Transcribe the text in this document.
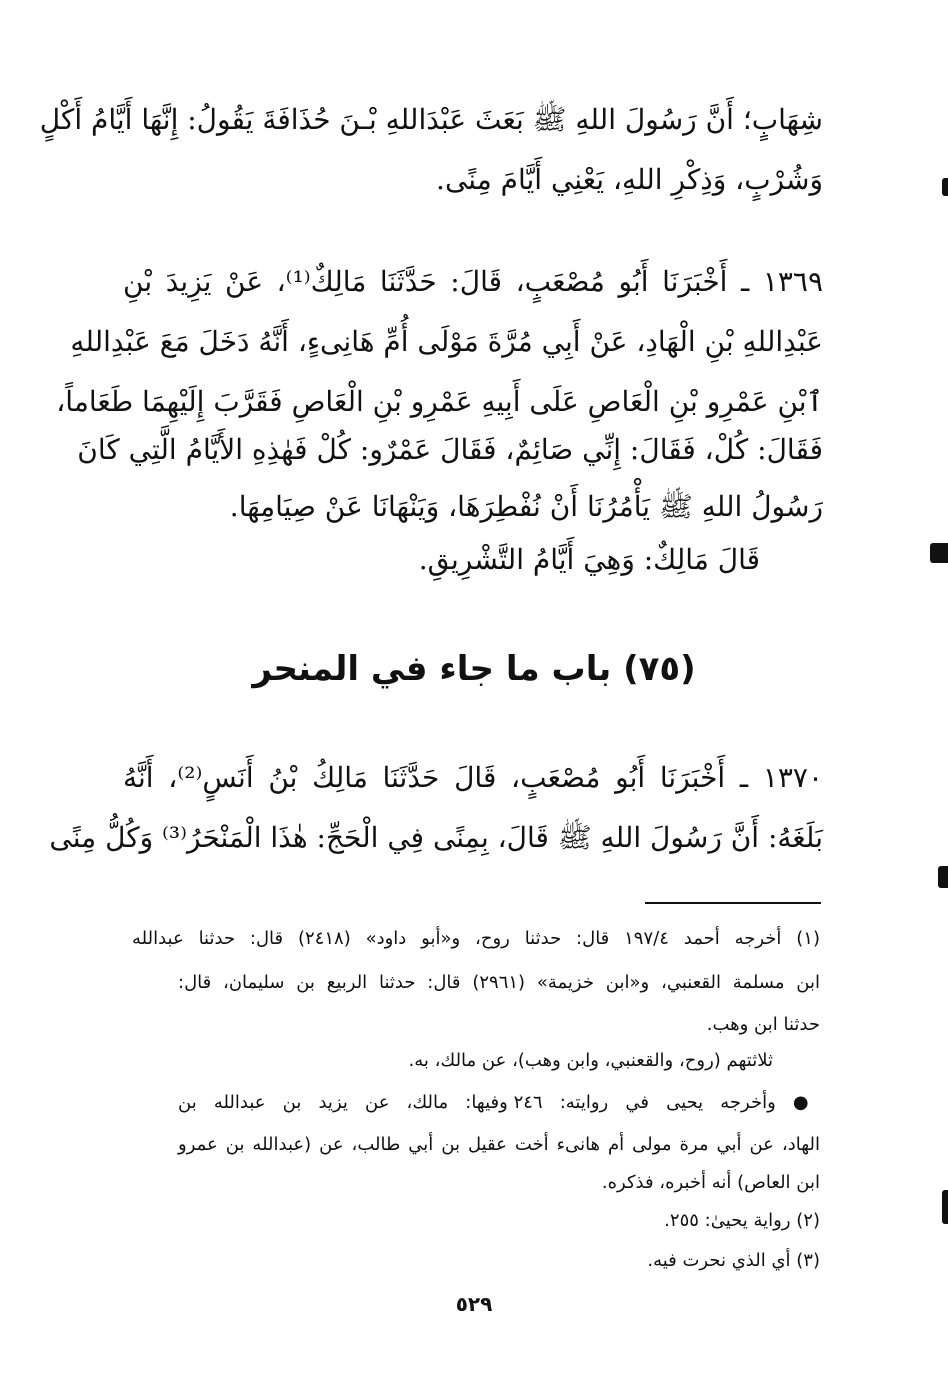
شِهَابٍ؛ أَنَّ رَسُولَ اللهِ ﷺ بَعَثَ عَبْدَاللهِ بْـنَ حُذَافَةَ يَقُولُ: إِنَّهَا أَيَّامُ أَكْلٍ
وَشُرْبٍ، وَذِكْرِ اللهِ، يَعْنِي أَيَّامَ مِنًى.
١٣٦٩ ـ أَخْبَرَنَا أَبُو مُصْعَبٍ، قَالَ: حَدَّثَنَا مَالِكٌ⁽¹⁾، عَنْ يَزِيدَ بْنِ
عَبْدِاللهِ بْنِ الْهَادِ، عَنْ أَبِي مُرَّةَ مَوْلَى أُمِّ هَانِىءٍ، أَنَّهُ دَخَلَ مَعَ عَبْدِاللهِ
ٱبْنِ عَمْرِو بْنِ الْعَاصِ عَلَى أَبِيهِ عَمْرِو بْنِ الْعَاصِ فَقَرَّبَ إِلَيْهِمَا طَعَاماً،
فَقَالَ: كُلْ، فَقَالَ: إِنِّي صَائِمٌ، فَقَالَ عَمْرٌو: كُلْ فَهٰذِهِ الأَيَّامُ الَّتِي كَانَ
رَسُولُ اللهِ ﷺ يَأْمُرُنَا أَنْ نُفْطِرَهَا، وَيَنْهَانَا عَنْ صِيَامِهَا.
قَالَ مَالِكٌ: وَهِيَ أَيَّامُ التَّشْرِيقِ.
(٧٥) باب ما جاء في المنحر
١٣٧٠ ـ أَخْبَرَنَا أَبُو مُصْعَبٍ، قَالَ حَدَّثَنَا مَالِكُ بْنُ أَنَسٍ⁽²⁾، أَنَّهُ
بَلَغَهُ: أَنَّ رَسُولَ اللهِ ﷺ قَالَ، بِمِنًى فِي الْحَجِّ: هٰذَا الْمَنْحَرُ⁽³⁾ وَكُلُّ مِنًى
(١) أخرجه أحمد ١٩٧/٤ قال: حدثنا روح، و«أبو داود» (٢٤١٨) قال: حدثنا عبدالله
ابن مسلمة القعنبي، و«ابن خزيمة» (٢٩٦١) قال: حدثنا الربيع بن سليمان، قال:
حدثنا ابن وهب.
ثلاثتهم (روح، والقعنبي، وابن وهب)، عن مالك، به.
● وأخرجه يحيى في روايته: ٢٤٦ وفيها: مالك، عن يزيد بن عبدالله بن
الهاد، عن أبي مرة مولى أم هانىء أخت عقيل بن أبي طالب، عن (عبدالله بن عمرو
ابن العاص) أنه أخبره، فذكره.
(٢) رواية يحيىٰ: ٢٥٥.
(٣) أي الذي نحرت فيه.
٥٢٩
